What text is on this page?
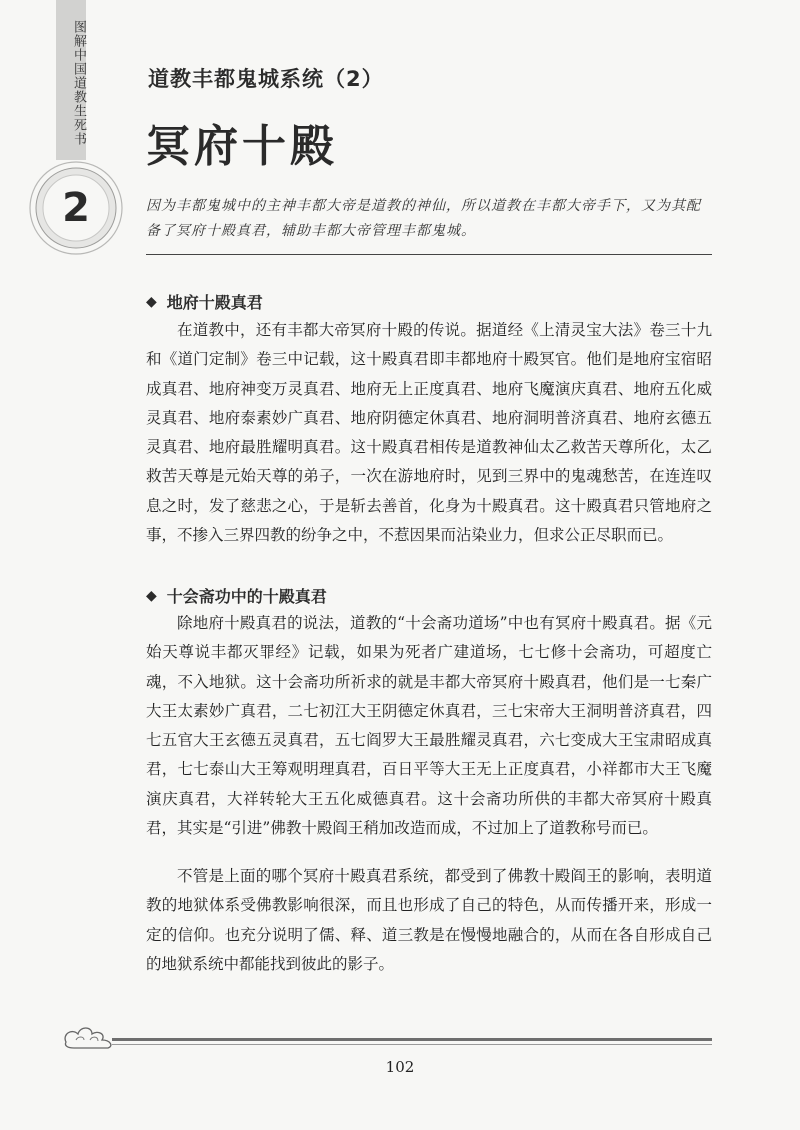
图解中国道教生死书
2
道教丰都鬼城系统（2）
冥府十殿
因为丰都鬼城中的主神丰都大帝是道教的神仙，所以道教在丰都大帝手下，又为其配备了冥府十殿真君，辅助丰都大帝管理丰都鬼城。
◆ 地府十殿真君
在道教中，还有丰都大帝冥府十殿的传说。据道经《上清灵宝大法》卷三十九和《道门定制》卷三中记载，这十殿真君即丰都地府十殿冥官。他们是地府宝宿昭成真君、地府神变万灵真君、地府无上正度真君、地府飞魔演庆真君、地府五化威灵真君、地府泰素妙广真君、地府阴德定休真君、地府洞明普济真君、地府玄德五灵真君、地府最胜耀明真君。这十殿真君相传是道教神仙太乙救苦天尊所化，太乙救苦天尊是元始天尊的弟子，一次在游地府时，见到三界中的鬼魂愁苦，在连连叹息之时，发了慈悲之心，于是斩去善首，化身为十殿真君。这十殿真君只管地府之事，不掺入三界四教的纷争之中，不惹因果而沾染业力，但求公正尽职而已。
◆ 十会斋功中的十殿真君
除地府十殿真君的说法，道教的“十会斋功道场”中也有冥府十殿真君。据《元始天尊说丰都灭罪经》记载，如果为死者广建道场，七七修十会斋功，可超度亡魂，不入地狱。这十会斋功所祈求的就是丰都大帝冥府十殿真君，他们是一七秦广大王太素妙广真君，二七初江大王阴德定休真君，三七宋帝大王洞明普济真君，四七五官大王玄德五灵真君，五七阎罗大王最胜耀灵真君，六七变成大王宝肃昭成真君，七七泰山大王筹观明理真君，百日平等大王无上正度真君，小祥都市大王飞魔演庆真君，大祥转轮大王五化威德真君。这十会斋功所供的丰都大帝冥府十殿真君，其实是“引进”佛教十殿阎王稍加改造而成，不过加上了道教称号而已。
不管是上面的哪个冥府十殿真君系统，都受到了佛教十殿阎王的影响，表明道教的地狱体系受佛教影响很深，而且也形成了自己的特色，从而传播开来，形成一定的信仰。也充分说明了儒、释、道三教是在慢慢地融合的，从而在各自形成自己的地狱系统中都能找到彼此的影子。
102
